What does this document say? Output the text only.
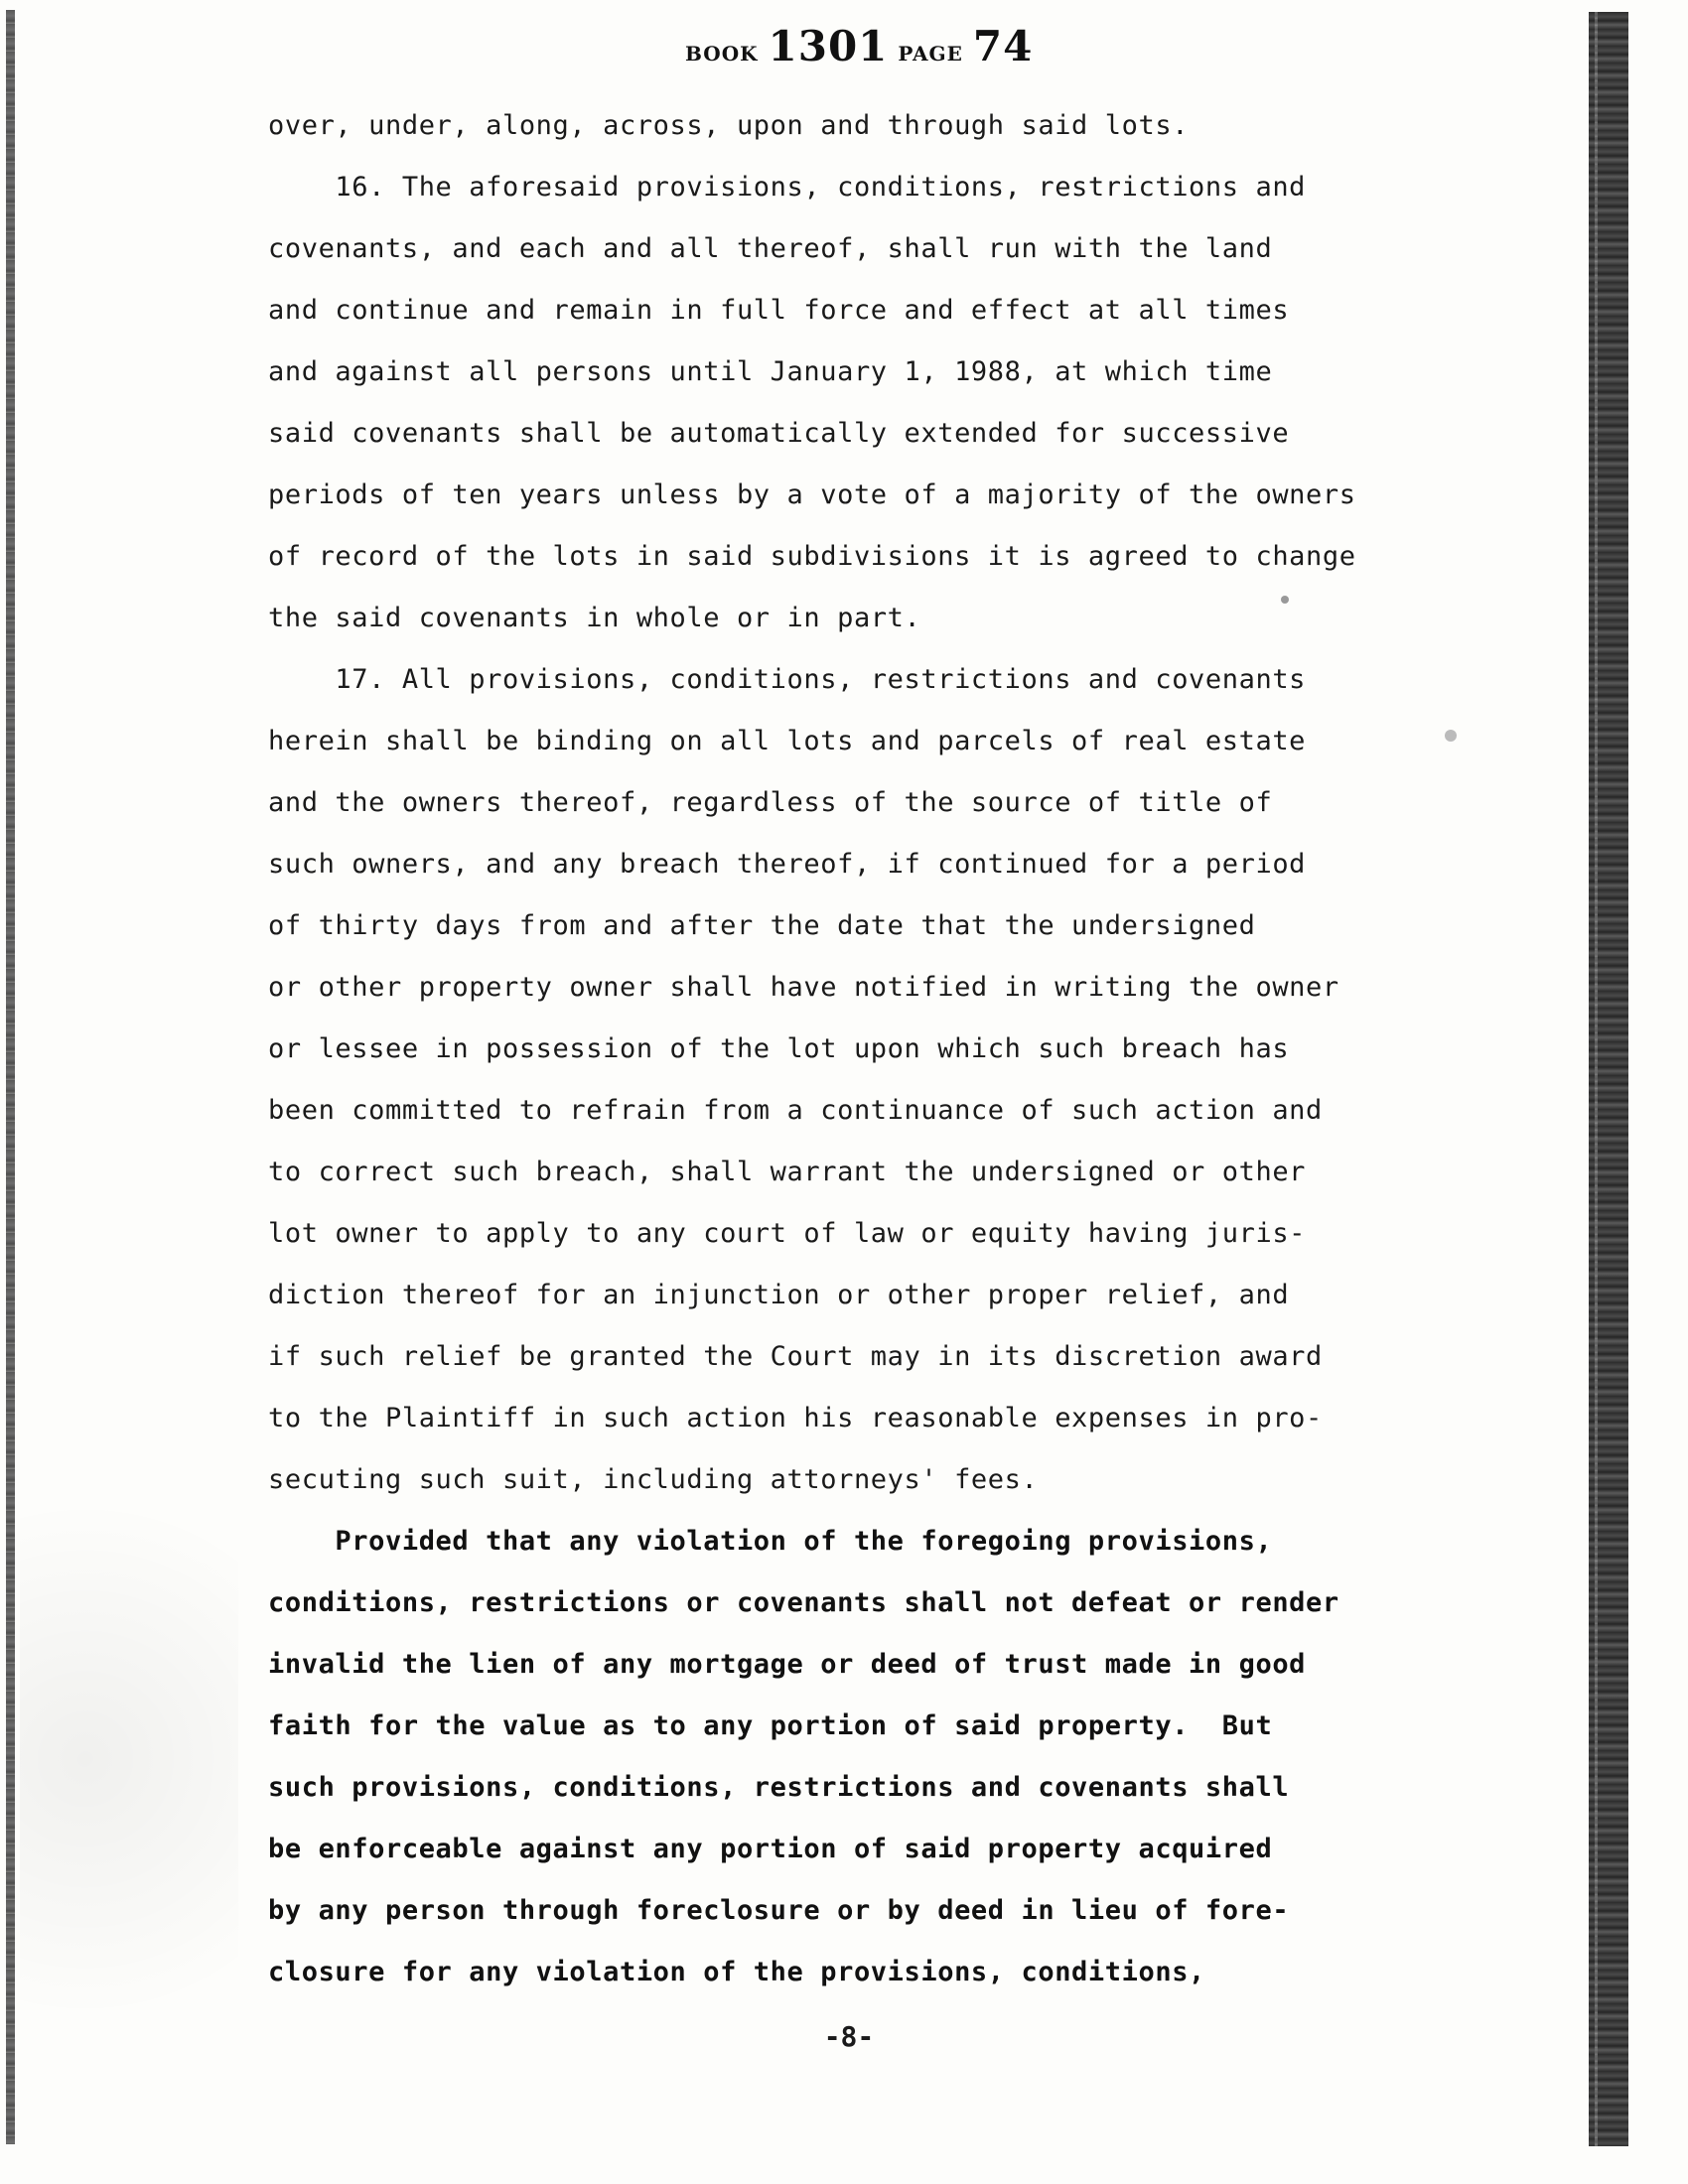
BOOK 1301 PAGE 74
over, under, along, across, upon and through said lots.
16. The aforesaid provisions, conditions, restrictions and
covenants, and each and all thereof, shall run with the land
and continue and remain in full force and effect at all times
and against all persons until January 1, 1988, at which time
said covenants shall be automatically extended for successive
periods of ten years unless by a vote of a majority of the owners
of record of the lots in said subdivisions it is agreed to change
the said covenants in whole or in part.
17. All provisions, conditions, restrictions and covenants
herein shall be binding on all lots and parcels of real estate
and the owners thereof, regardless of the source of title of
such owners, and any breach thereof, if continued for a period
of thirty days from and after the date that the undersigned
or other property owner shall have notified in writing the owner
or lessee in possession of the lot upon which such breach has
been committed to refrain from a continuance of such action and
to correct such breach, shall warrant the undersigned or other
lot owner to apply to any court of law or equity having juris-
diction thereof for an injunction or other proper relief, and
if such relief be granted the Court may in its discretion award
to the Plaintiff in such action his reasonable expenses in pro-
secuting such suit, including attorneys' fees.
Provided that any violation of the foregoing provisions,
conditions, restrictions or covenants shall not defeat or render
invalid the lien of any mortgage or deed of trust made in good
faith for the value as to any portion of said property.  But
such provisions, conditions, restrictions and covenants shall
be enforceable against any portion of said property acquired
by any person through foreclosure or by deed in lieu of fore-
closure for any violation of the provisions, conditions,
-8-
